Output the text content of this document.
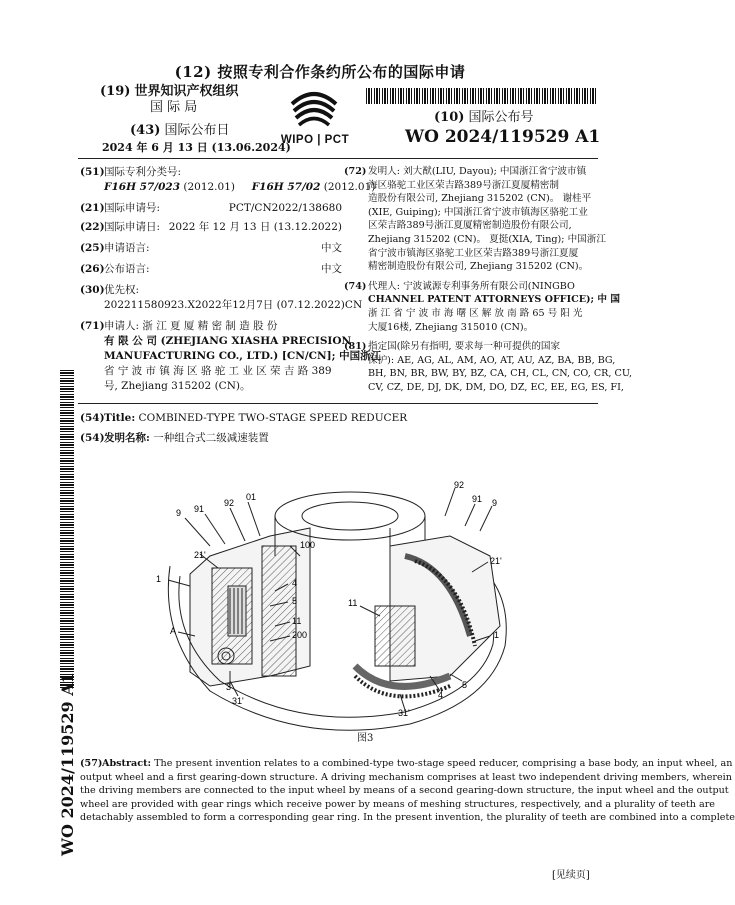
(12) 按照专利合作条约所公布的国际申请
(19) 世界知识产权组织
国 际 局
(43) 国际公布日
2024 年 6 月 13 日 (13.06.2024)
WIPO | PCT
(10) 国际公布号
WO 2024/119529 A1
(51)国际专利分类号:
F16H 57/023 (2012.01) F16H 57/02 (2012.01)
(21)国际申请号:	PCT/CN2022/138680
(22)国际申请日: 2022 年 12 月 13 日 (13.12.2022)
(25)申请语言:	中文
(26)公布语言:	中文
(30)优先权:
202211580923.X 2022年12月7日 (07.12.2022) CN
(71)申请人: 浙 江 夏 厦 精 密 制 造 股 份
有 限 公 司 (ZHEJIANG XIASHA PRECISION
MANUFACTURING CO., LTD.) [CN/CN]; 中国浙江
省 宁 波 市 镇 海 区 骆 驼 工 业 区 荣 吉 路 389
号, Zhejiang 315202 (CN)。
(72) 发明人: 刘大猷(LIU, Dayou); 中国浙江省宁波市镇
海区骆驼工业区荣吉路389号浙江夏厦精密制
造股份有限公司, Zhejiang 315202 (CN)。 谢桂平
(XIE, Guiping); 中国浙江省宁波市镇海区骆驼工业
区荣吉路389号浙江夏厦精密制造股份有限公司,
Zhejiang 315202 (CN)。 夏挺(XIA, Ting); 中国浙江
省宁波市镇海区骆驼工业区荣吉路389号浙江夏厦
精密制造股份有限公司, Zhejiang 315202 (CN)。
(74) 代理人: 宁波诚源专利事务所有限公司(NINGBO
CHANNEL PATENT ATTORNEYS OFFICE); 中 国
浙 江 省 宁 波 市 海 曙 区 解 放 南 路 65 号 阳 光
大厦16楼, Zhejiang 315010 (CN)。
(81) 指定国(除另有指明, 要求每一种可提供的国家
保护): AE, AG, AL, AM, AO, AT, AU, AZ, BA, BB, BG,
BH, BN, BR, BW, BY, BZ, CA, CH, CL, CN, CO, CR, CU,
CV, CZ, DE, DJ, DK, DM, DO, DZ, EC, EE, EG, ES, FI,
(54)Title: COMBINED-TYPE TWO-STAGE SPEED REDUCER
(54)发明名称: 一种组合式二级减速装置
WO 2024/119529 A1
9 91
92
01
21'
100
1	4
5
11
A	200
3
31'
92
91 9
21'
11
1
4
5
31'
图3
(57)Abstract: The present invention relates to a combined-type two-stage speed reducer, comprising a base body, an input wheel, an
output wheel and a first gearing-down structure. A driving mechanism comprises at least two independent driving members, wherein
the driving members are connected to the input wheel by means of a second gearing-down structure, the input wheel and the output
wheel are provided with gear rings which receive power by means of meshing structures, respectively, and a plurality of teeth are
detachably assembled to form a corresponding gear ring. In the present invention, the plurality of teeth are combined into a complete
[见续页]
